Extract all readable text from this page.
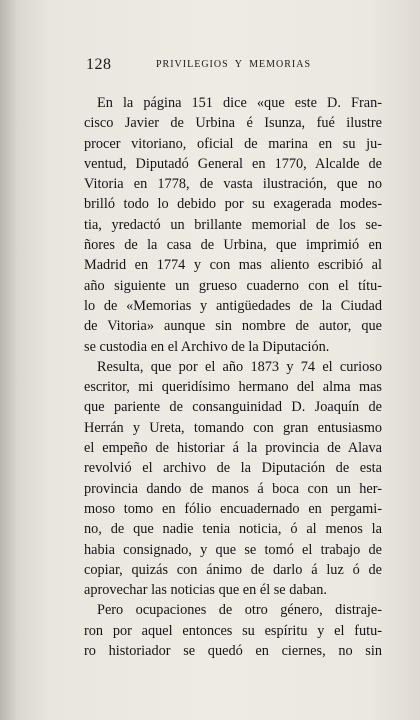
128	PRIVILEGIOS Y MEMORIAS
En la página 151 dice «que este D. Fran-
cisco Javier de Urbina é Isunza, fué ilustre
procer vitoriano, oficial de marina en su ju-
ventud, Diputadó General en 1770, Alcalde de
Vitoria en 1778, de vasta ilustración, que no
brilló todo lo debido por su exagerada modes-
tia, yredactó un brillante memorial de los se-
ñores de la casa de Urbina, que imprimió en
Madrid en 1774 y con mas aliento escribió al
año siguiente un grueso cuaderno con el títu-
lo de «Memorias y antigüedades de la Ciudad
de Vitoria» aunque sin nombre de autor, que
se custodia en el Archivo de la Diputación.
Resulta, que por el año 1873 y 74 el curioso
escritor, mi queridísimo hermano del alma mas
que pariente de consanguinidad D. Joaquín de
Herrán y Ureta, tomando con gran entusiasmo
el empeño de historiar á la provincia de Alava
revolvió el archivo de la Diputación de esta
provincia dando de manos á boca con un her-
moso tomo en fólio encuadernado en pergami-
no, de que nadie tenia noticia, ó al menos la
habia consignado, y que se tomó el trabajo de
copiar, quizás con ánimo de darlo á luz ó de
aprovechar las noticias que en él se daban.
Pero ocupaciones de otro género, distraje-
ron por aquel entonces su espíritu y el futu-
ro historiador se quedó en ciernes, no sin
